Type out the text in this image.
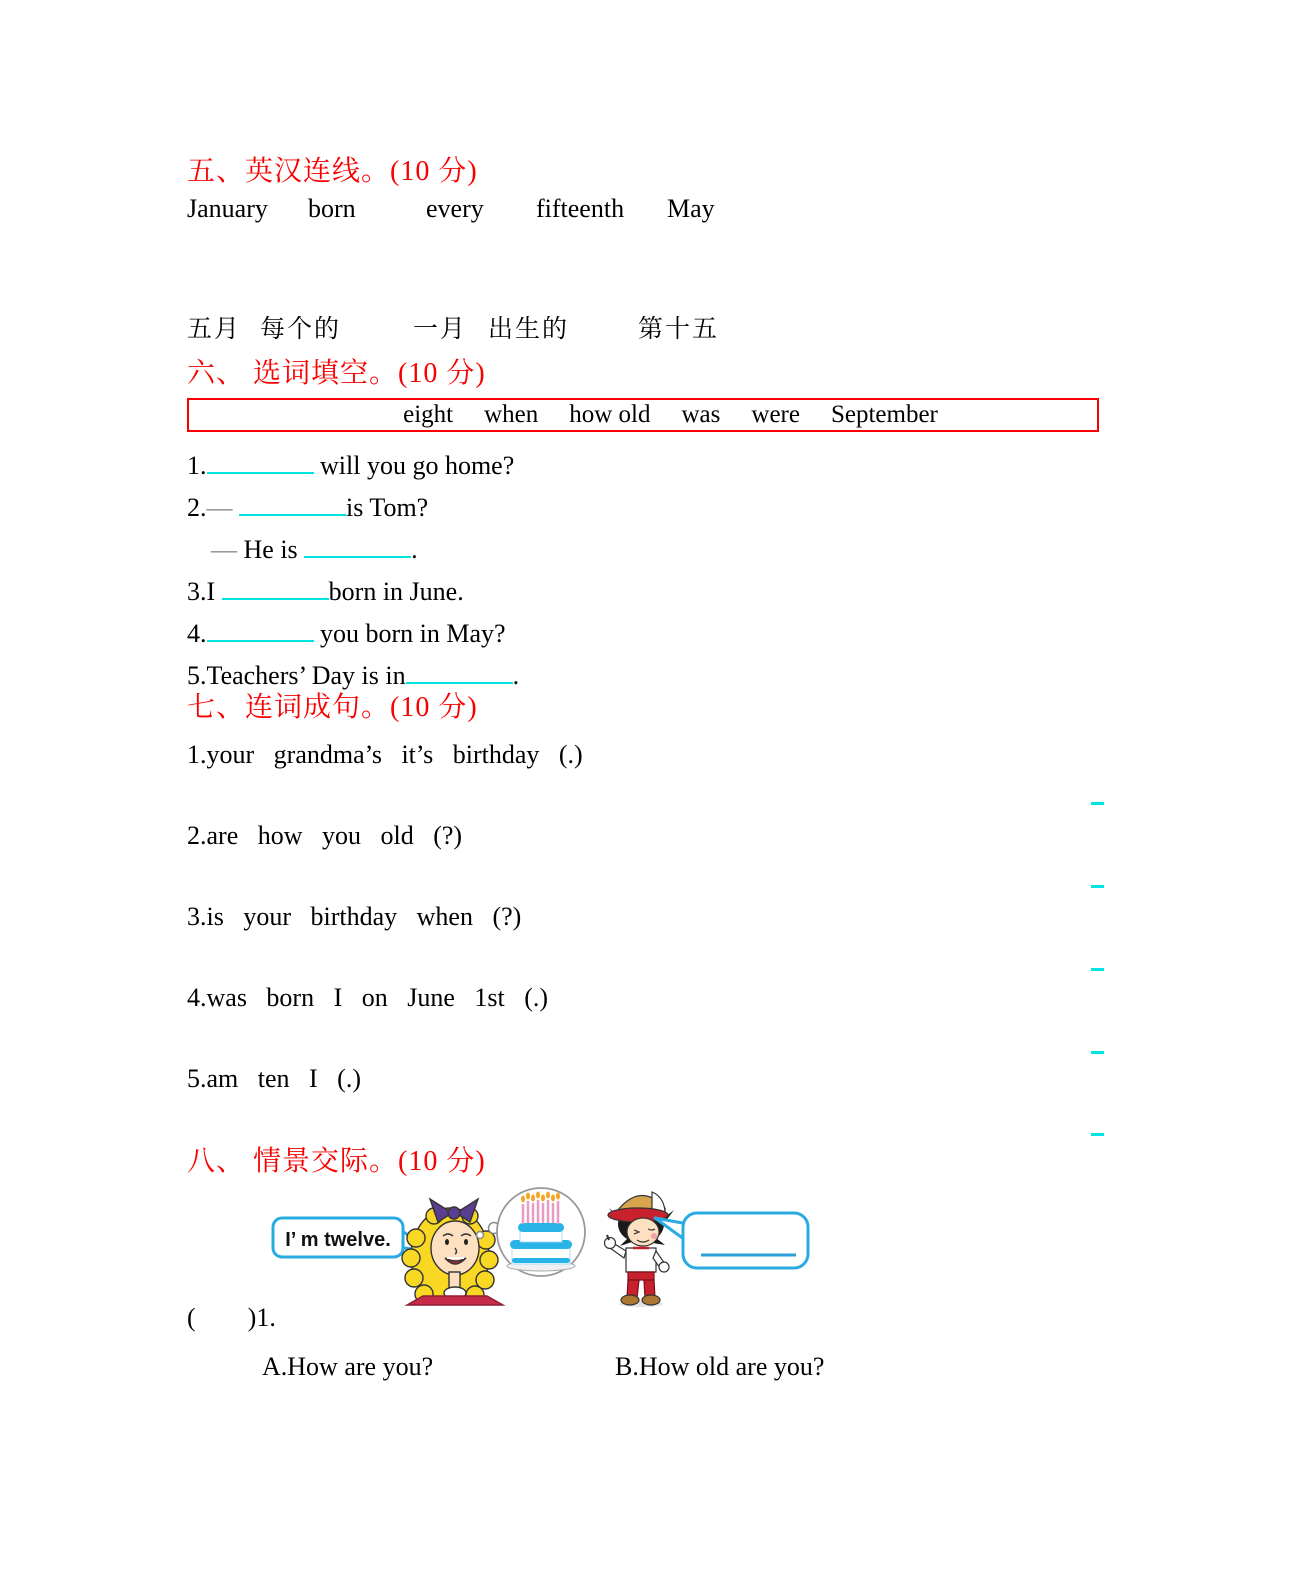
五、英汉连线。(10 分)
January born	every fifteenth May
五月 每个的	一月 出生的	第十五
六、 选词填空。(10 分)
eight when how old was were September
1.	will you go home?
2.—	is Tom?
— He is	.
3.I	born in June.
4.	you born in May?
5.Teachers’ Day is in	.
七、连词成句。(10 分)
1.your   grandma’s   it’s   birthday   (.)
2.are   how   you   old   (?)
3.is   your   birthday   when   (?)
4.was   born   I   on   June   1st   (.)
5.am   ten   I   (.)
八、 情景交际。(10 分)
I’ m twelve.
(        )1.
A.How are you?	B.How old are you?
